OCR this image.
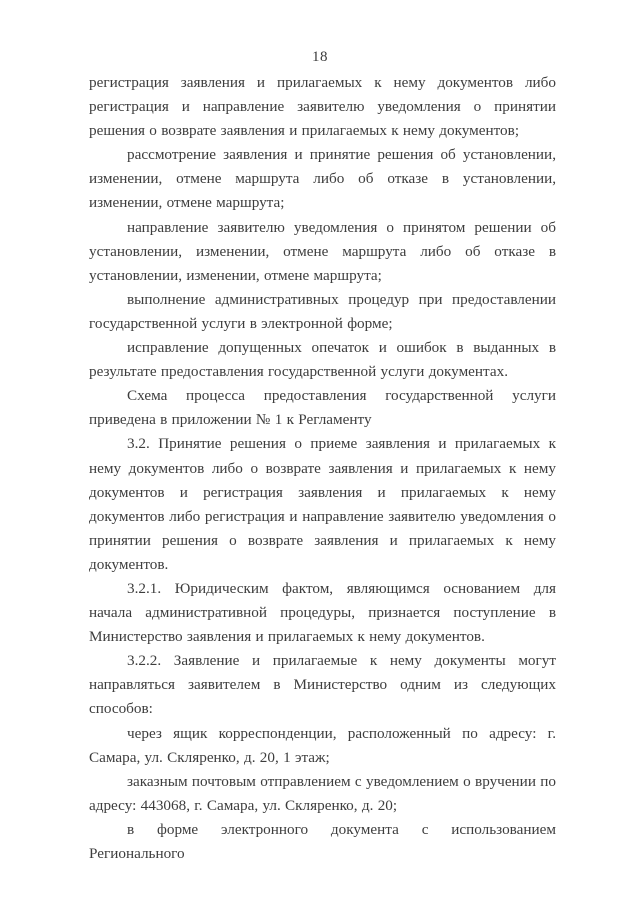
18

регистрация заявления и прилагаемых к нему документов либо регистрация и направление заявителю уведомления о принятии решения о возврате заявления и прилагаемых к нему документов;

рассмотрение заявления и принятие решения об установлении, изменении, отмене маршрута либо об отказе в установлении, изменении, отмене маршрута;

направление заявителю уведомления о принятом решении об установлении, изменении, отмене маршрута либо об отказе в установлении, изменении, отмене маршрута;

выполнение административных процедур при предоставлении государственной услуги в электронной форме;

исправление допущенных опечаток и ошибок в выданных в результате предоставления государственной услуги документах.

Схема процесса предоставления государственной услуги приведена в приложении № 1 к Регламенту

3.2. Принятие решения о приеме заявления и прилагаемых к нему документов либо о возврате заявления и прилагаемых к нему документов и регистрация заявления и прилагаемых к нему документов либо регистрация и направление заявителю уведомления о принятии решения о возврате заявления и прилагаемых к нему документов.

3.2.1. Юридическим фактом, являющимся основанием для начала административной процедуры, признается поступление в Министерство заявления и прилагаемых к нему документов.

3.2.2. Заявление и прилагаемые к нему документы могут направляться заявителем в Министерство одним из следующих способов:

через ящик корреспонденции, расположенный по адресу: г. Самара, ул. Скляренко, д. 20, 1 этаж;

заказным почтовым отправлением с уведомлением о вручении по адресу: 443068, г. Самара, ул. Скляренко, д. 20;

в форме электронного документа с использованием Регионального
